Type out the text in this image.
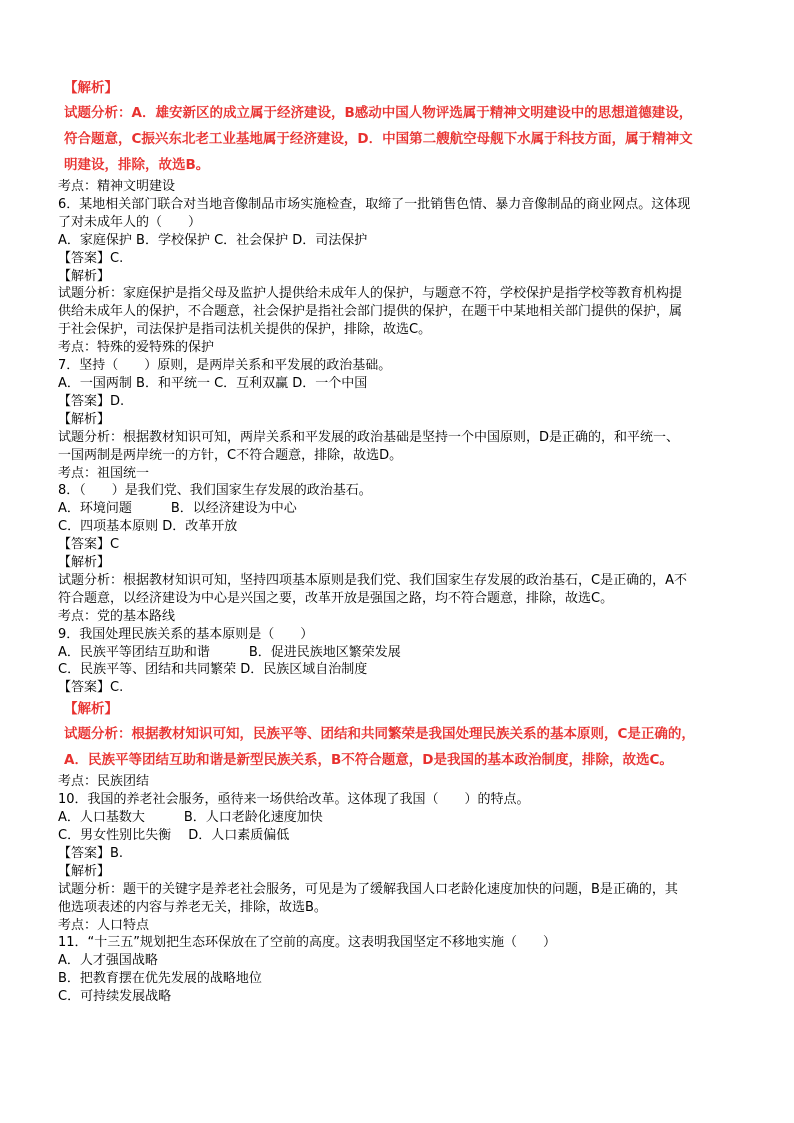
【解析】
试题分析：A．雄安新区的成立属于经济建设，B感动中国人物评选属于精神文明建设中的思想道德建设，
符合题意，C振兴东北老工业基地属于经济建设，D．中国第二艘航空母舰下水属于科技方面，属于精神文
明建设，排除，故选B。
考点：精神文明建设
6．某地相关部门联合对当地音像制品市场实施检查，取缔了一批销售色情、暴力音像制品的商业网点。这体现
了对未成年人的（　　）
A．家庭保护 B．学校保护 C．社会保护 D．司法保护
【答案】C.
【解析】
试题分析：家庭保护是指父母及监护人提供给未成年人的保护，与题意不符，学校保护是指学校等教育机构提
供给未成年人的保护，不合题意，社会保护是指社会部门提供的保护，在题干中某地相关部门提供的保护，属
于社会保护，司法保护是指司法机关提供的保护，排除，故选C。
考点：特殊的爱特殊的保护
7．坚持（　　）原则，是两岸关系和平发展的政治基础。
A．一国两制 B．和平统一 C．互利双赢 D．一个中国
【答案】D.
【解析】
试题分析：根据教材知识可知，两岸关系和平发展的政治基础是坚持一个中国原则，D是正确的，和平统一、
一国两制是两岸统一的方针，C不符合题意，排除，故选D。
考点：祖国统一
8．（　　）是我们党、我们国家生存发展的政治基石。
A．环境问题　　　B．以经济建设为中心
C．四项基本原则 D．改革开放
【答案】C
【解析】
试题分析：根据教材知识可知，坚持四项基本原则是我们党、我们国家生存发展的政治基石，C是正确的，A不
符合题意，以经济建设为中心是兴国之要，改革开放是强国之路，均不符合题意，排除，故选C。
考点：党的基本路线
9．我国处理民族关系的基本原则是（　　）
A．民族平等团结互助和谐　　　B．促进民族地区繁荣发展
C．民族平等、团结和共同繁荣 D．民族区域自治制度
【答案】C.
【解析】
试题分析：根据教材知识可知，民族平等、团结和共同繁荣是我国处理民族关系的基本原则，C是正确的，
A．民族平等团结互助和谐是新型民族关系，B不符合题意，D是我国的基本政治制度，排除，故选C。
考点：民族团结
10．我国的养老社会服务，亟待来一场供给改革。这体现了我国（　　）的特点。
A．人口基数大　　　B．人口老龄化速度加快
C．男女性别比失衡　 D．人口素质偏低
【答案】B.
【解析】
试题分析：题干的关键字是养老社会服务，可见是为了缓解我国人口老龄化速度加快的问题，B是正确的，其
他选项表述的内容与养老无关，排除，故选B。
考点：人口特点
11．“十三五”规划把生态环保放在了空前的高度。这表明我国坚定不移地实施（　　）
A．人才强国战略
B．把教育摆在优先发展的战略地位
C．可持续发展战略
